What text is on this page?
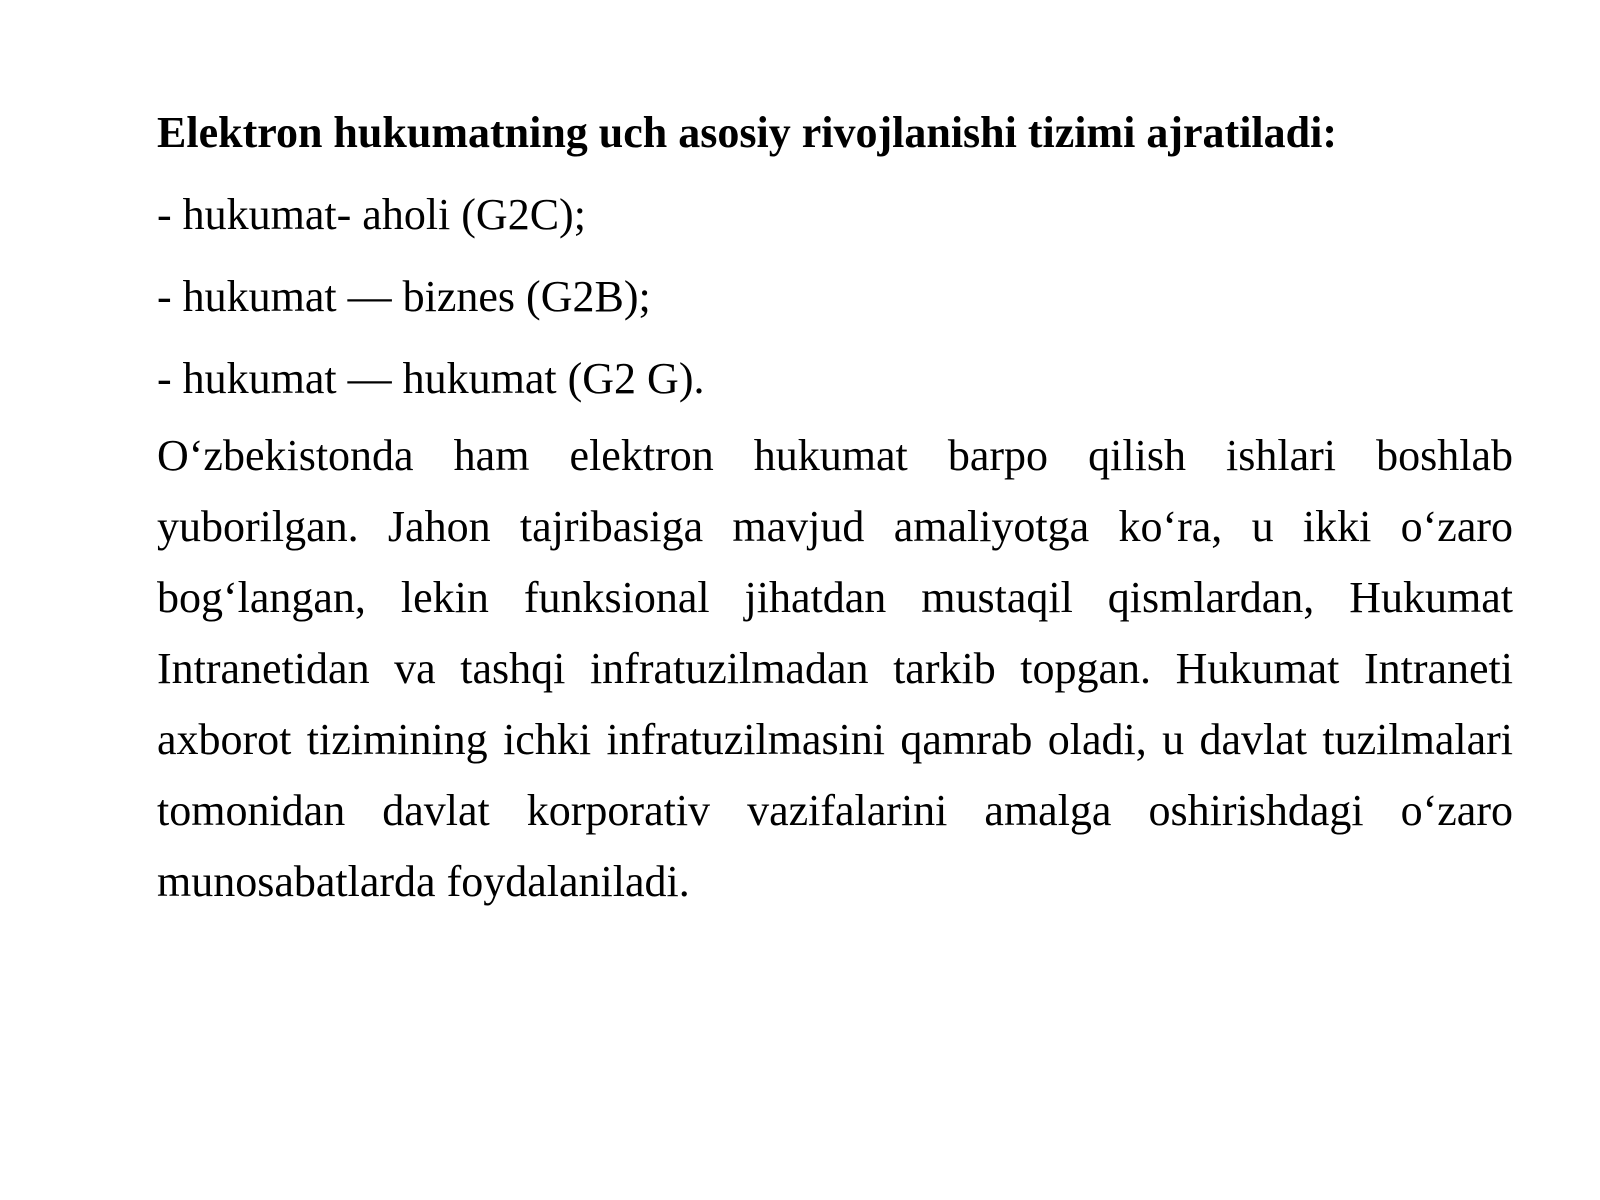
Elektron hukumatning uch asosiy rivojlanishi tizimi ajratiladi:

- hukumat- aholi (G2C);
- hukumat — biznes (G2B);
- hukumat — hukumat (G2 G).

O‘zbekistonda ham elektron hukumat barpo qilish ishlari boshlab yuborilgan. Jahon tajribasiga mavjud amaliyotga ko‘ra, u ikki o‘zaro bog‘langan, lekin funksional jihatdan mustaqil qismlardan, Hukumat Intranetidan va tashqi infratuzilmadan tarkib topgan. Hukumat Intraneti axborot tizimining ichki infratuzilmasini qamrab oladi, u davlat tuzilmalari tomonidan davlat korporativ vazifalarini amalga oshirishdagi o‘zaro munosabatlarda foydalaniladi.
